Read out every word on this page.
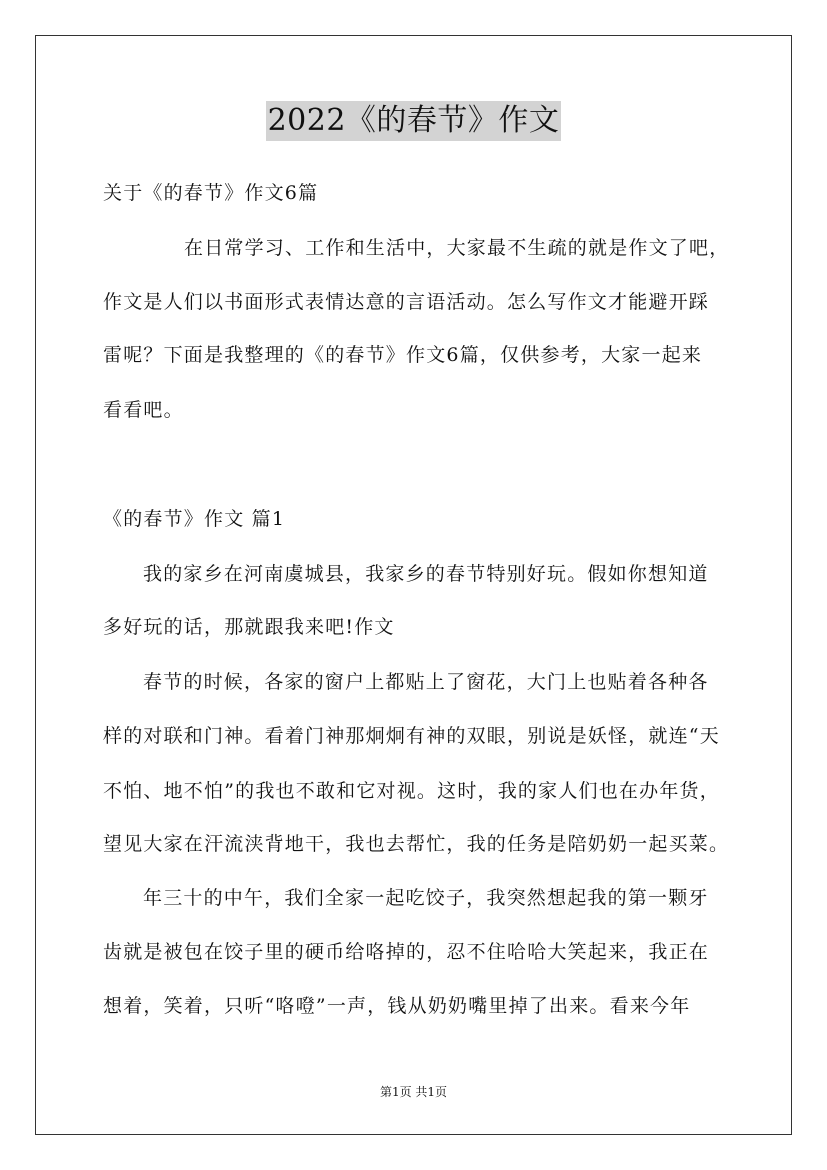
2022《的春节》作文
关于《的春节》作文6篇
在日常学习、工作和生活中，大家最不生疏的就是作文了吧，
作文是人们以书面形式表情达意的言语活动。怎么写作文才能避开踩
雷呢？下面是我整理的《的春节》作文6篇，仅供参考，大家一起来
看看吧。
《的春节》作文 篇1
我的家乡在河南虞城县，我家乡的春节特别好玩。假如你想知道
多好玩的话，那就跟我来吧!作文
春节的时候，各家的窗户上都贴上了窗花，大门上也贴着各种各
样的对联和门神。看着门神那炯炯有神的双眼，别说是妖怪，就连“天
不怕、地不怕”的我也不敢和它对视。这时，我的家人们也在办年货，
望见大家在汗流浃背地干，我也去帮忙，我的任务是陪奶奶一起买菜。
年三十的中午，我们全家一起吃饺子，我突然想起我的第一颗牙
齿就是被包在饺子里的硬币给咯掉的，忍不住哈哈大笑起来，我正在
想着，笑着，只听“咯噔”一声，钱从奶奶嘴里掉了出来。看来今年
第1页 共1页
